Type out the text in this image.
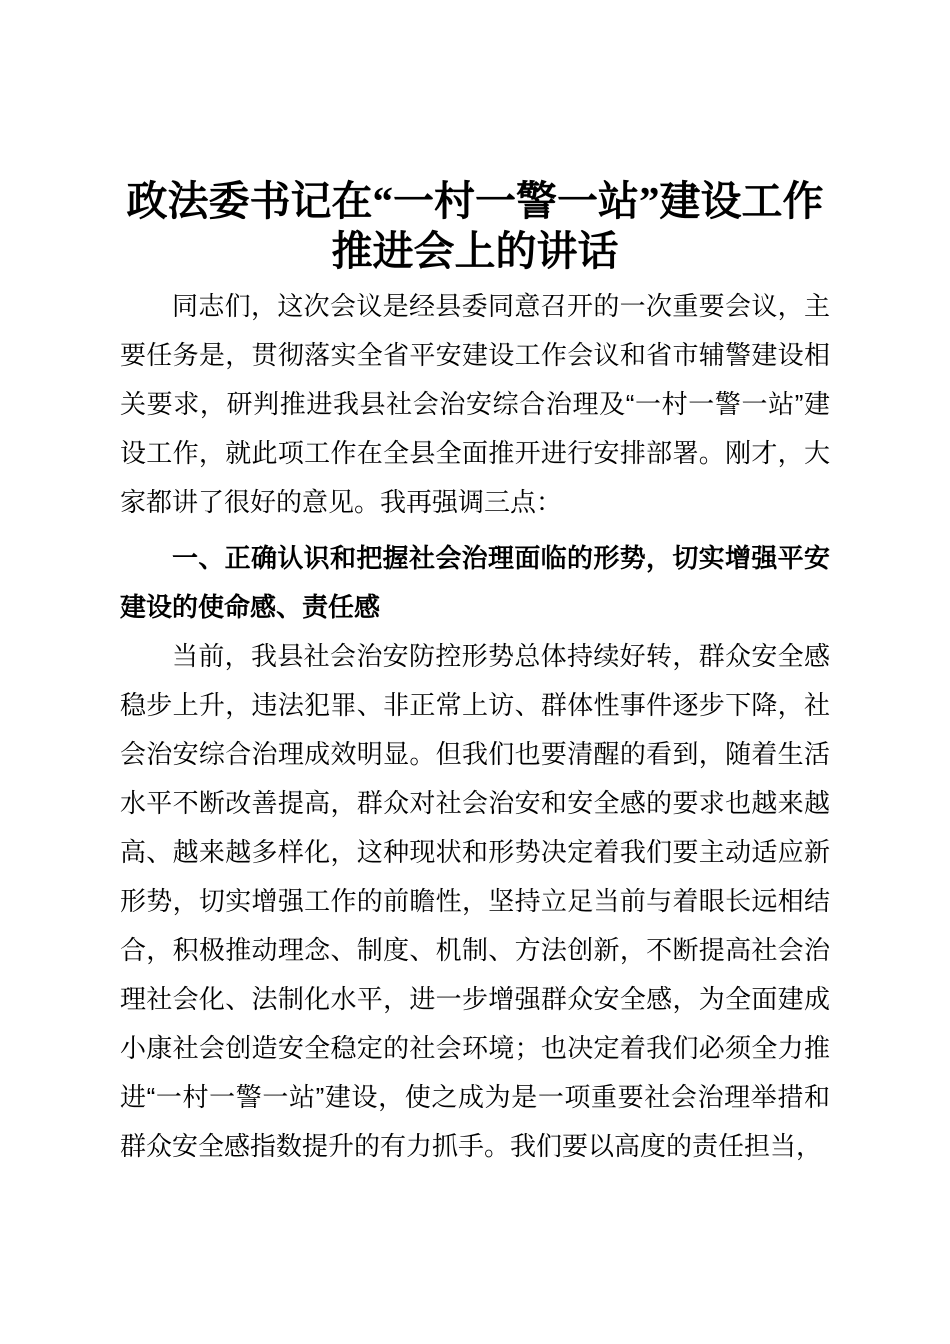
政法委书记在“一村一警一站”建设工作推进会上的讲话

同志们，这次会议是经县委同意召开的一次重要会议，主要任务是，贯彻落实全省平安建设工作会议和省市辅警建设相关要求，研判推进我县社会治安综合治理及“一村一警一站”建设工作，就此项工作在全县全面推开进行安排部署。刚才，大家都讲了很好的意见。我再强调三点：

一、正确认识和把握社会治理面临的形势，切实增强平安建设的使命感、责任感

当前，我县社会治安防控形势总体持续好转，群众安全感稳步上升，违法犯罪、非正常上访、群体性事件逐步下降，社会治安综合治理成效明显。但我们也要清醒的看到，随着生活水平不断改善提高，群众对社会治安和安全感的要求也越来越高、越来越多样化，这种现状和形势决定着我们要主动适应新形势，切实增强工作的前瞻性，坚持立足当前与着眼长远相结合，积极推动理念、制度、机制、方法创新，不断提高社会治理社会化、法制化水平，进一步增强群众安全感，为全面建成小康社会创造安全稳定的社会环境；也决定着我们必须全力推进“一村一警一站”建设，使之成为是一项重要社会治理举措和群众安全感指数提升的有力抓手。我们要以高度的责任担当，
